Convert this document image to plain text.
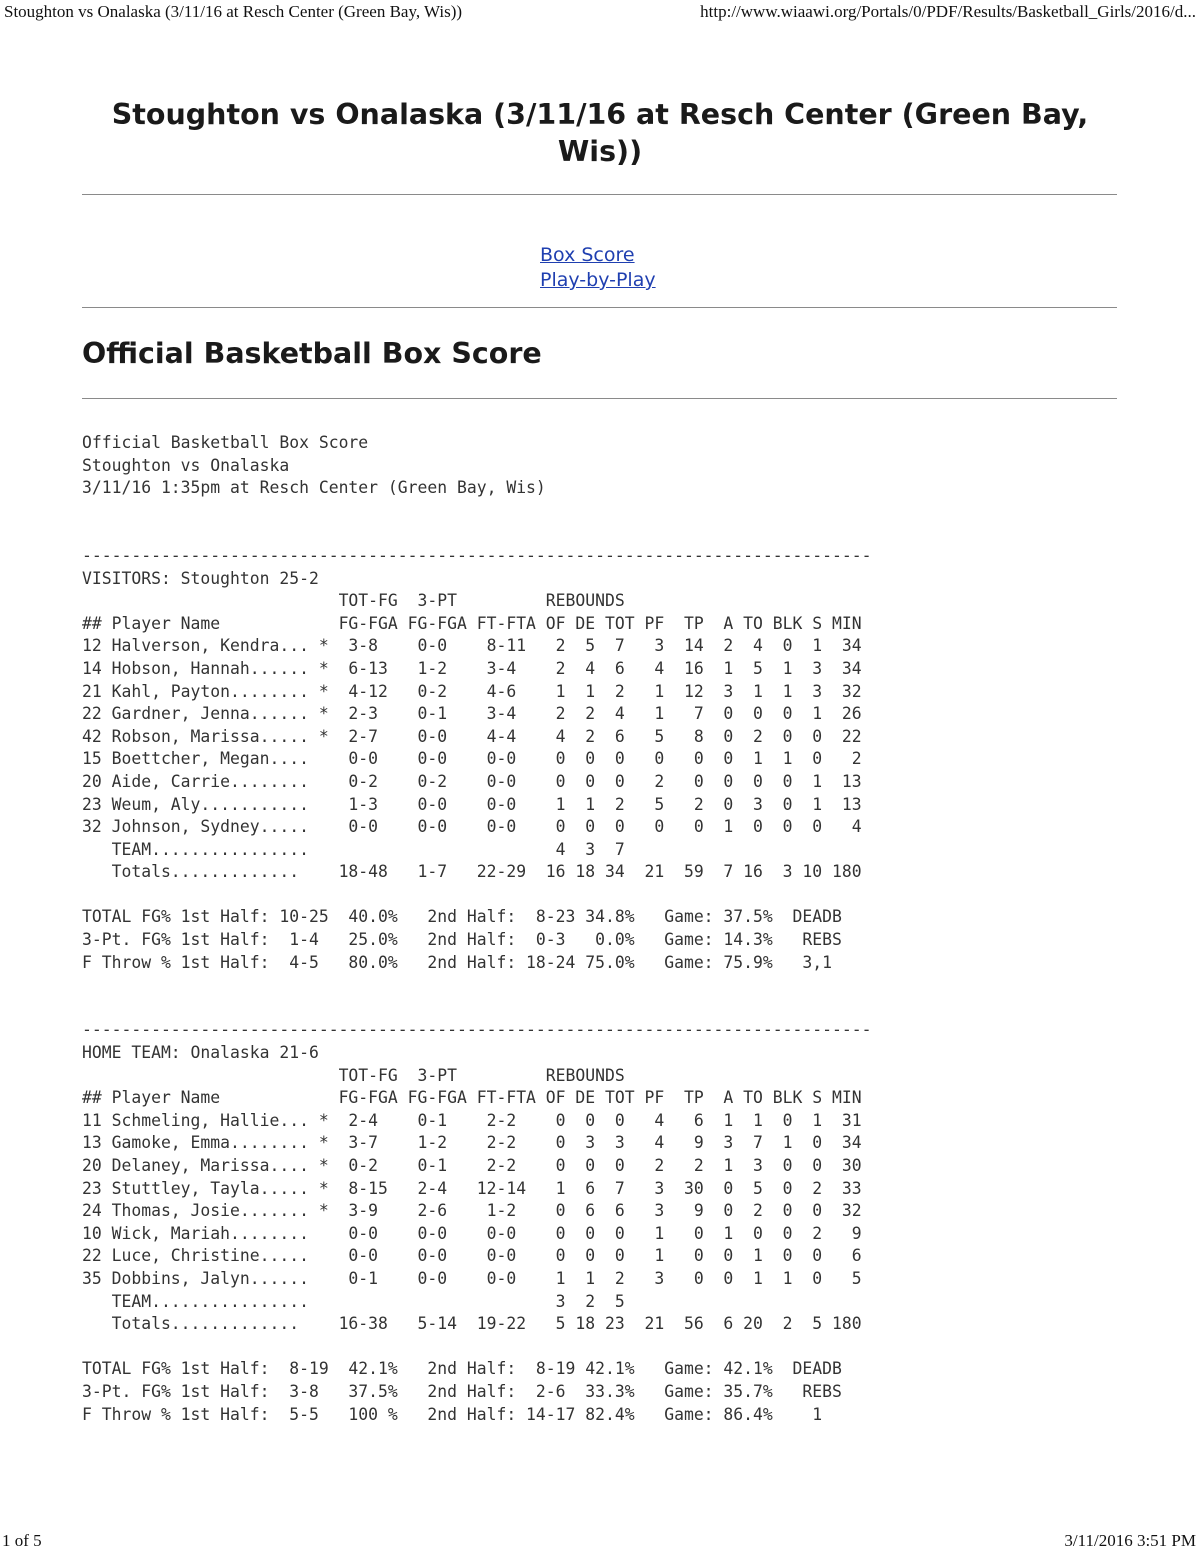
Stoughton vs Onalaska (3/11/16 at Resch Center (Green Bay, Wis))	http://www.wiaawi.org/Portals/0/PDF/Results/Basketball_Girls/2016/d...
Stoughton vs Onalaska (3/11/16 at Resch Center (Green Bay, Wis))
Box Score
Play-by-Play
Official Basketball Box Score
Official Basketball Box Score
Stoughton vs Onalaska
3/11/16 1:35pm at Resch Center (Green Bay, Wis)

--------------------------------------------------------------------------------
VISITORS: Stoughton 25-2
TOT-FG  3-PT         REBOUNDS
## Player Name            FG-FGA FG-FGA FT-FTA OF DE TOT PF  TP  A TO BLK S MIN
12 Halverson, Kendra... *  3-8    0-0    8-11   2  5  7   3  14  2  4  0  1  34
14 Hobson, Hannah...... *  6-13   1-2    3-4    2  4  6   4  16  1  5  1  3  34
21 Kahl, Payton........ *  4-12   0-2    4-6    1  1  2   1  12  3  1  1  3  32
22 Gardner, Jenna...... *  2-3    0-1    3-4    2  2  4   1   7  0  0  0  1  26
42 Robson, Marissa..... *  2-7    0-0    4-4    4  2  6   5   8  0  2  0  0  22
15 Boettcher, Megan....    0-0    0-0    0-0    0  0  0   0   0  0  1  1  0   2
20 Aide, Carrie........    0-2    0-2    0-0    0  0  0   2   0  0  0  0  1  13
23 Weum, Aly...........    1-3    0-0    0-0    1  1  2   5   2  0  3  0  1  13
32 Johnson, Sydney.....    0-0    0-0    0-0    0  0  0   0   0  1  0  0  0   4
TEAM................                         4  3  7
Totals.............    18-48   1-7   22-29  16 18 34  21  59  7 16  3 10 180

TOTAL FG% 1st Half: 10-25  40.0%   2nd Half:  8-23 34.8%   Game: 37.5%  DEADB
3-Pt. FG% 1st Half:  1-4   25.0%   2nd Half:  0-3   0.0%   Game: 14.3%   REBS
F Throw % 1st Half:  4-5   80.0%   2nd Half: 18-24 75.0%   Game: 75.9%   3,1

--------------------------------------------------------------------------------
HOME TEAM: Onalaska 21-6
TOT-FG  3-PT         REBOUNDS
## Player Name            FG-FGA FG-FGA FT-FTA OF DE TOT PF  TP  A TO BLK S MIN
11 Schmeling, Hallie... *  2-4    0-1    2-2    0  0  0   4   6  1  1  0  1  31
13 Gamoke, Emma........ *  3-7    1-2    2-2    0  3  3   4   9  3  7  1  0  34
20 Delaney, Marissa.... *  0-2    0-1    2-2    0  0  0   2   2  1  3  0  0  30
23 Stuttley, Tayla..... *  8-15   2-4   12-14   1  6  7   3  30  0  5  0  2  33
24 Thomas, Josie....... *  3-9    2-6    1-2    0  6  6   3   9  0  2  0  0  32
10 Wick, Mariah........    0-0    0-0    0-0    0  0  0   1   0  1  0  0  2   9
22 Luce, Christine.....    0-0    0-0    0-0    0  0  0   1   0  0  1  0  0   6
35 Dobbins, Jalyn......    0-1    0-0    0-0    1  1  2   3   0  0  1  1  0   5
TEAM................                         3  2  5
Totals.............    16-38   5-14  19-22   5 18 23  21  56  6 20  2  5 180

TOTAL FG% 1st Half:  8-19  42.1%   2nd Half:  8-19 42.1%   Game: 42.1%  DEADB
3-Pt. FG% 1st Half:  3-8   37.5%   2nd Half:  2-6  33.3%   Game: 35.7%   REBS
F Throw % 1st Half:  5-5   100 %   2nd Half: 14-17 82.4%   Game: 86.4%    1

1 of 5	3/11/2016 3:51 PM
